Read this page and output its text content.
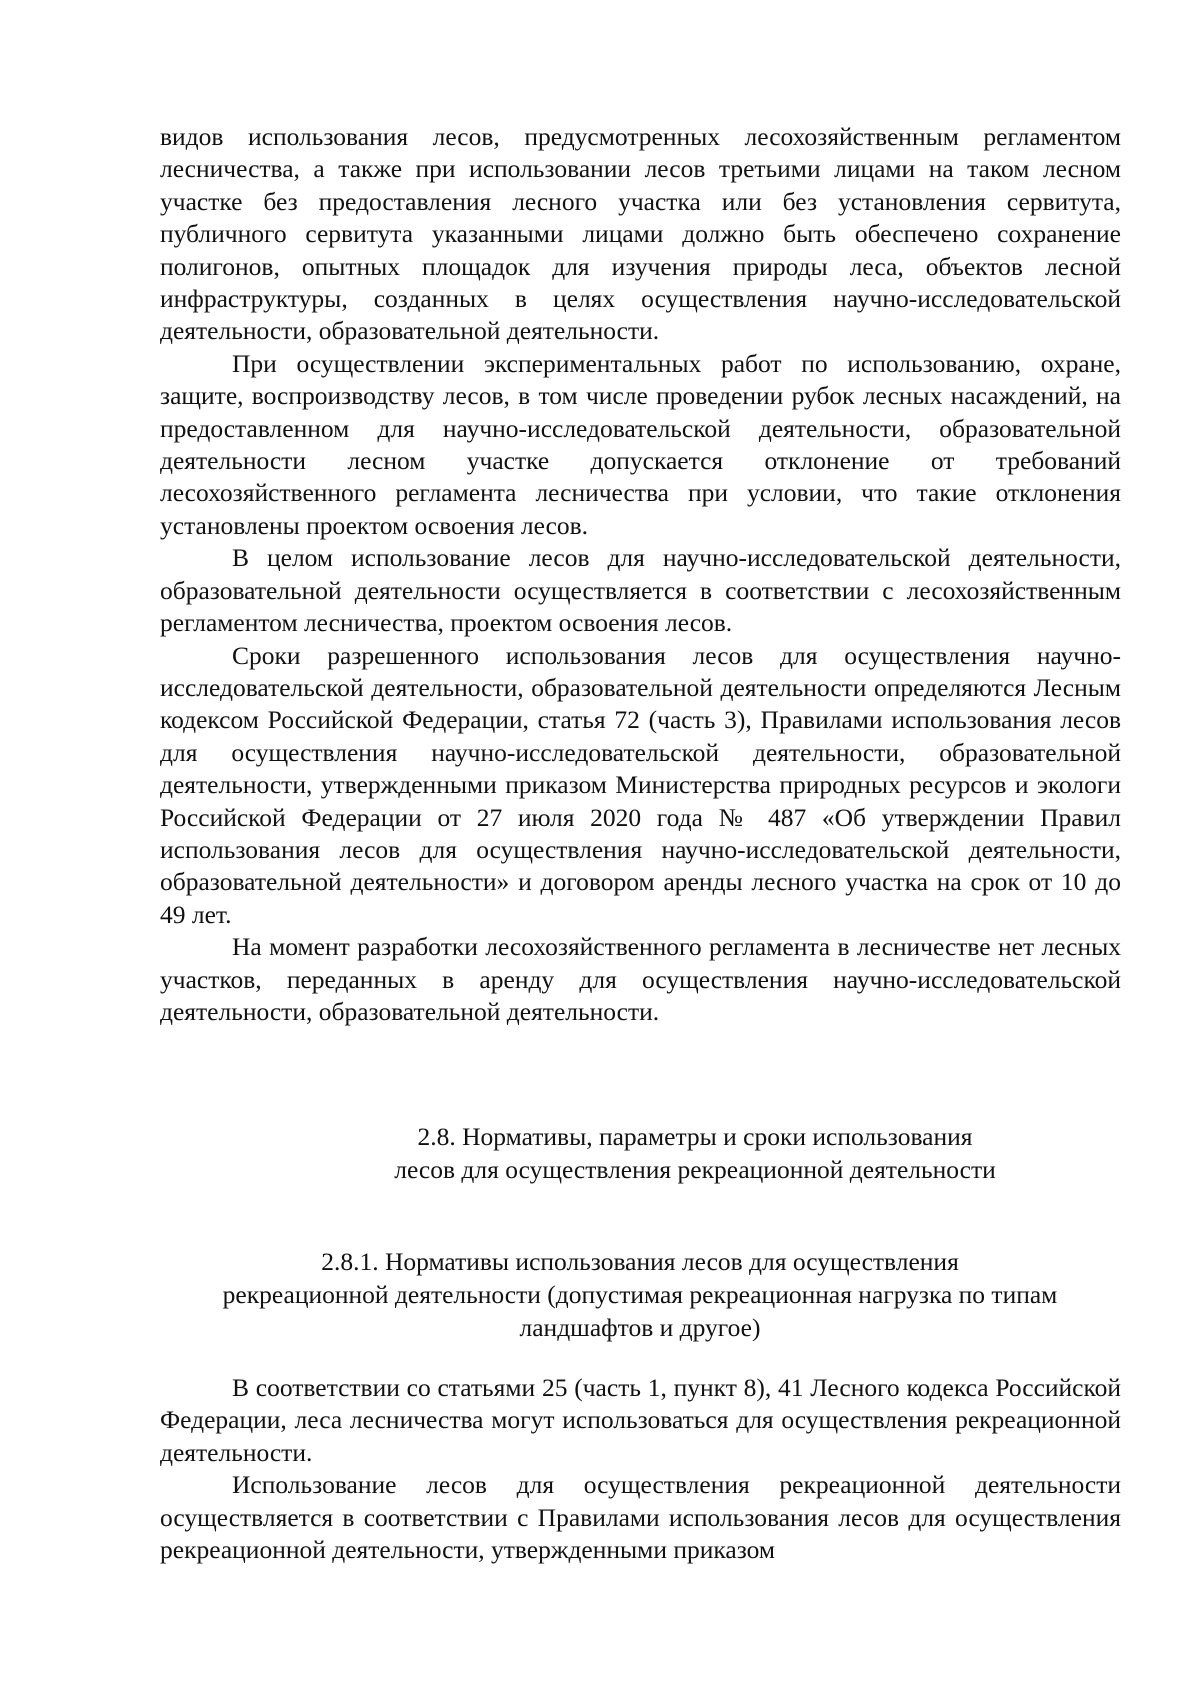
видов использования лесов, предусмотренных лесохозяйственным регламентом лесничества, а также при использовании лесов третьими лицами на таком лесном участке без предоставления лесного участка или без установления сервитута, публичного сервитута указанными лицами должно быть обеспечено сохранение полигонов, опытных площадок для изучения природы леса, объектов лесной инфраструктуры, созданных в целях осуществления научно-исследовательской деятельности, образовательной деятельности.

При осуществлении экспериментальных работ по использованию, охране, защите, воспроизводству лесов, в том числе проведении рубок лесных насаждений, на предоставленном для научно-исследовательской деятельности, образовательной деятельности лесном участке допускается отклонение от требований лесохозяйственного регламента лесничества при условии, что такие отклонения установлены проектом освоения лесов.

В целом использование лесов для научно-исследовательской деятельности, образовательной деятельности осуществляется в соответствии с лесохозяйственным регламентом лесничества, проектом освоения лесов.

Сроки разрешенного использования лесов для осуществления научно-исследовательской деятельности, образовательной деятельности определяются Лесным кодексом Российской Федерации, статья 72 (часть 3), Правилами использования лесов для осуществления научно-исследовательской деятельности, образовательной деятельности, утвержденными приказом Министерства природных ресурсов и экологи Российской Федерации от 27 июля 2020 года № 487 «Об утверждении Правил использования лесов для осуществления научно-исследовательской деятельности, образовательной деятельности» и договором аренды лесного участка на срок от 10 до 49 лет.

На момент разработки лесохозяйственного регламента в лесничестве нет лесных участков, переданных в аренду для осуществления научно-исследовательской деятельности, образовательной деятельности.

2.8. Нормативы, параметры и сроки использования
лесов для осуществления рекреационной деятельности
2.8.1. Нормативы использования лесов для осуществления
рекреационной деятельности (допустимая рекреационная нагрузка по типам
ландшафтов и другое)

В соответствии со статьями 25 (часть 1, пункт 8), 41 Лесного кодекса Российской Федерации, леса лесничества могут использоваться для осуществления рекреационной деятельности.

Использование лесов для осуществления рекреационной деятельности осуществляется в соответствии с Правилами использования лесов для осуществления рекреационной деятельности, утвержденными приказом
